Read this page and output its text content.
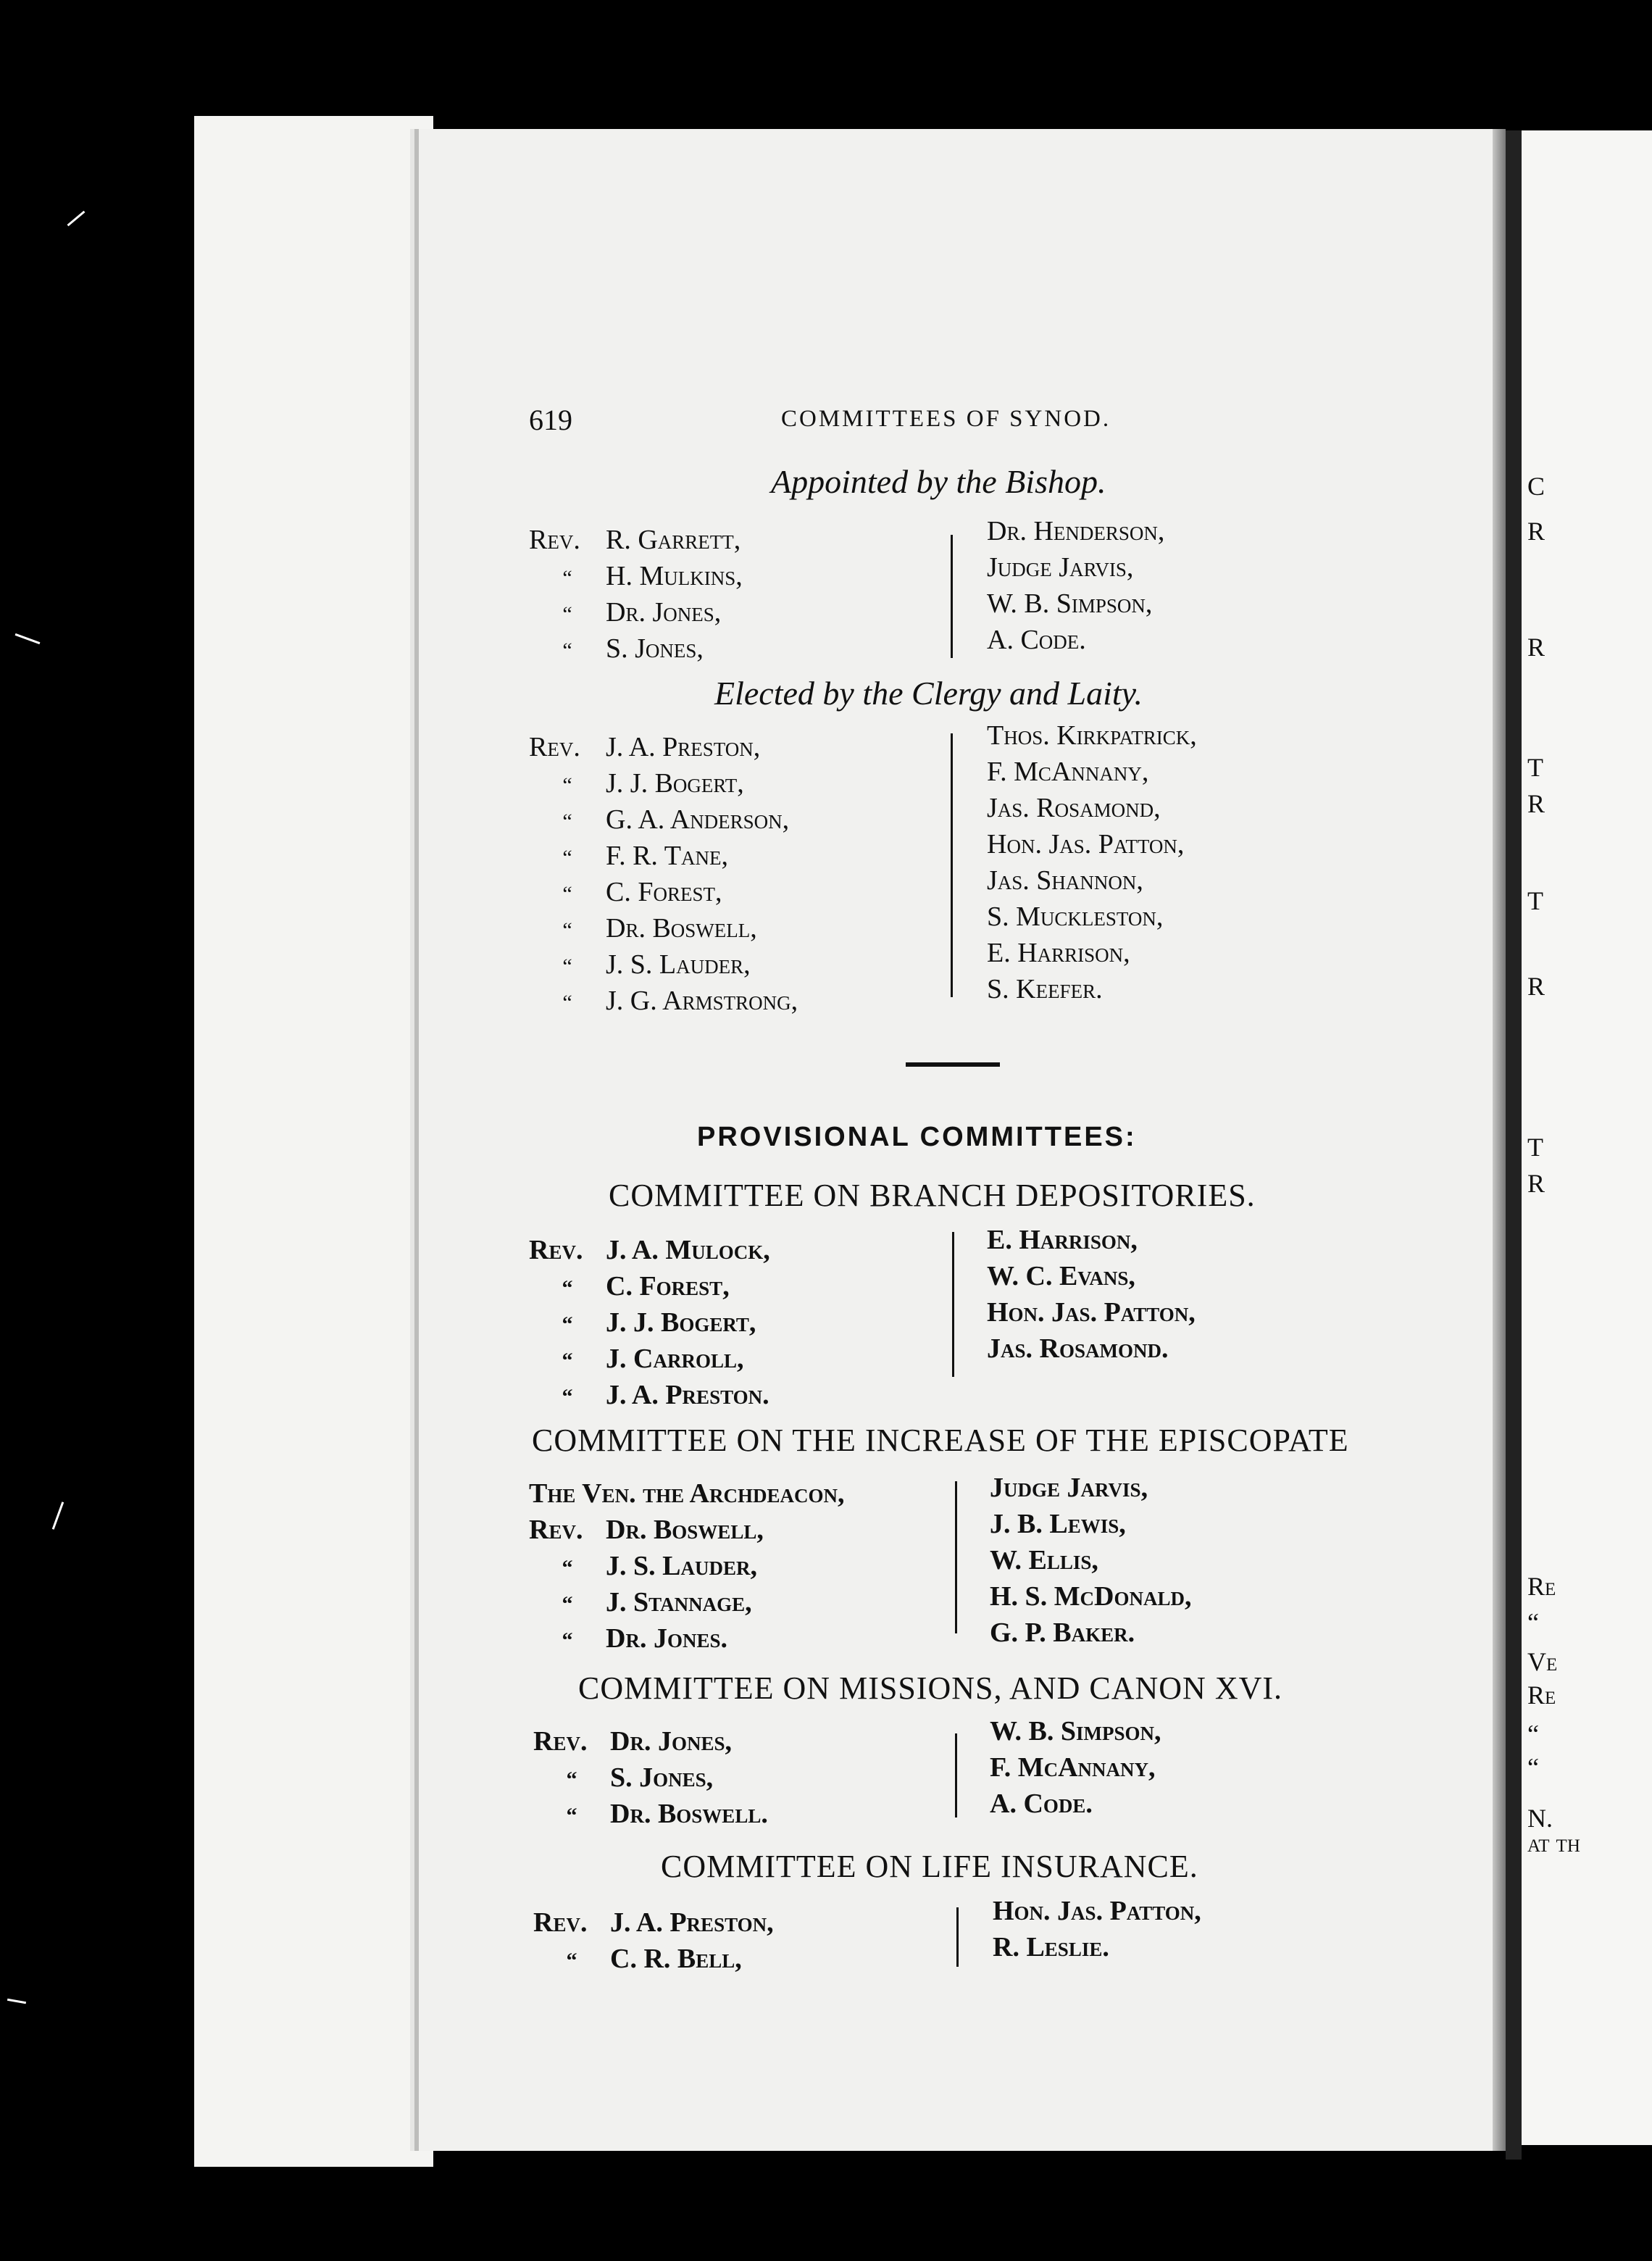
619	COMMITTEES OF SYNOD.
Appointed by the Bishop.
Rev. R. Garrett,
“ H. Mulkins,
“ Dr. Jones,
“ S. Jones,
Dr. Henderson,
Judge Jarvis,
W. B. Simpson,
A. Code.
Elected by the Clergy and Laity.
Rev. J. A. Preston,
“ J. J. Bogert,
“ G. A. Anderson,
“ F. R. Tane,
“ C. Forest,
“ Dr. Boswell,
“ J. S. Lauder,
“ J. G. Armstrong,
Thos. Kirkpatrick,
F. McAnnany,
Jas. Rosamond,
Hon. Jas. Patton,
Jas. Shannon,
S. Muckleston,
E. Harrison,
S. Keefer.
PROVISIONAL COMMITTEES:
COMMITTEE ON BRANCH DEPOSITORIES.
Rev. J. A. Mulock,
“ C. Forest,
“ J. J. Bogert,
“ J. Carroll,
“ J. A. Preston.
E. Harrison,
W. C. Evans,
Hon. Jas. Patton,
Jas. Rosamond.
COMMITTEE ON THE INCREASE OF THE EPISCOPATE
The Ven. the Archdeacon,
Rev. Dr. Boswell,
“ J. S. Lauder,
“ J. Stannage,
“ Dr. Jones.
Judge Jarvis,
J. B. Lewis,
W. Ellis,
H. S. McDonald,
G. P. Baker.
COMMITTEE ON MISSIONS, AND CANON XVI.
Rev. Dr. Jones,
“ S. Jones,
“ Dr. Boswell.
W. B. Simpson,
F. McAnnany,
A. Code.
COMMITTEE ON LIFE INSURANCE.
Rev. J. A. Preston,
“ C. R. Bell,
Hon. Jas. Patton,
R. Leslie.
C
R
R
T
R
T
R
T
R
Re
“
Ve
Re
“
“
N.
at th
